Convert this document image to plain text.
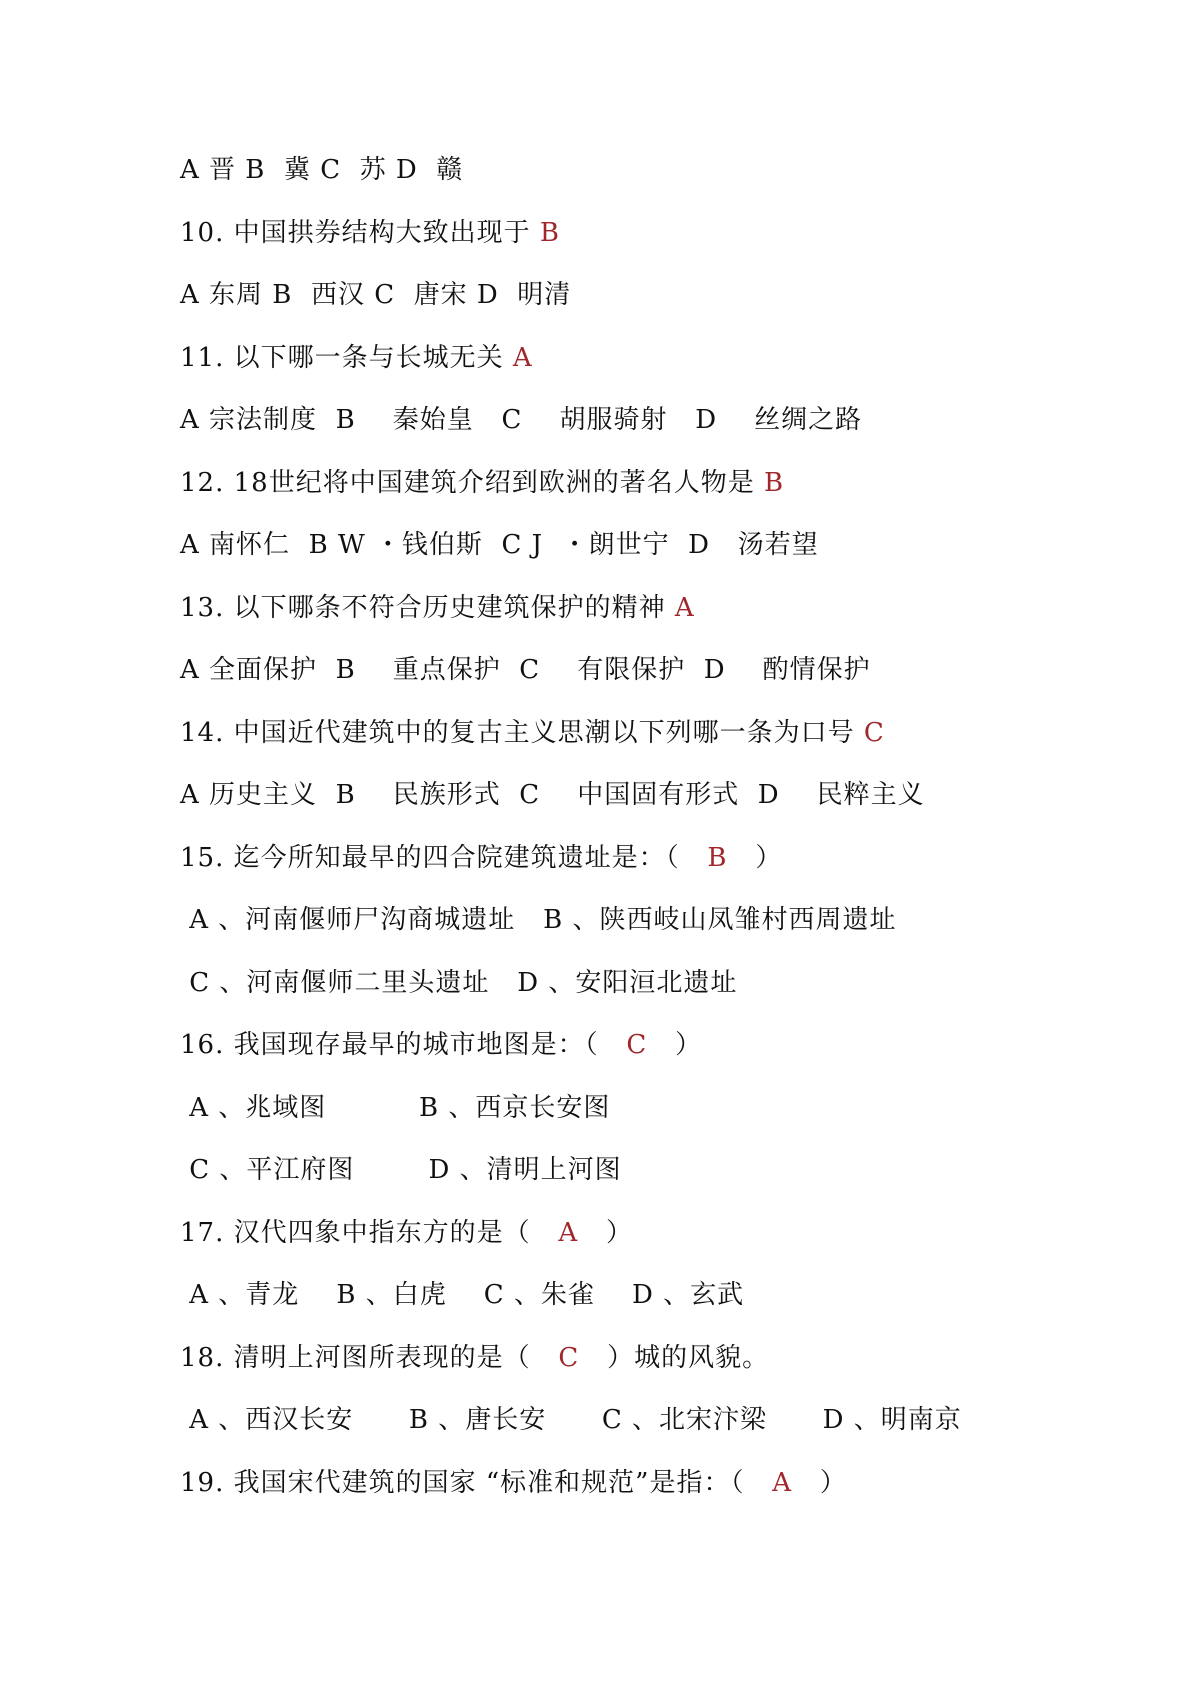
A 晋 B  冀 C  苏 D  赣
10. 中国拱券结构大致出现于 B
A 东周 B  西汉 C  唐宋 D  明清
11. 以下哪一条与长城无关 A
A 宗法制度  B    秦始皇   C    胡服骑射   D    丝绸之路
12. 18世纪将中国建筑介绍到欧洲的著名人物是 B
A 南怀仁  B W ・钱伯斯  C J  ・朗世宁  D   汤若望
13. 以下哪条不符合历史建筑保护的精神 A
A 全面保护  B    重点保护  C    有限保护  D    酌情保护
14. 中国近代建筑中的复古主义思潮以下列哪一条为口号 C
A 历史主义  B    民族形式  C    中国固有形式  D    民粹主义
15. 迄今所知最早的四合院建筑遗址是：（   B   ）
A 、河南偃师尸沟商城遗址   B 、陕西岐山凤雏村西周遗址
C 、河南偃师二里头遗址   D 、安阳洹北遗址
16. 我国现存最早的城市地图是：（   C   ）
A 、兆域图          B 、西京长安图
C 、平江府图        D 、清明上河图
17. 汉代四象中指东方的是（   A   ）
A 、青龙    B 、白虎    C 、朱雀    D 、玄武
18. 清明上河图所表现的是（   C   ）城的风貌。
A 、西汉长安      B 、唐长安      C 、北宋汴梁      D 、明南京
19. 我国宋代建筑的国家 “标准和规范”是指：（   A   ）
